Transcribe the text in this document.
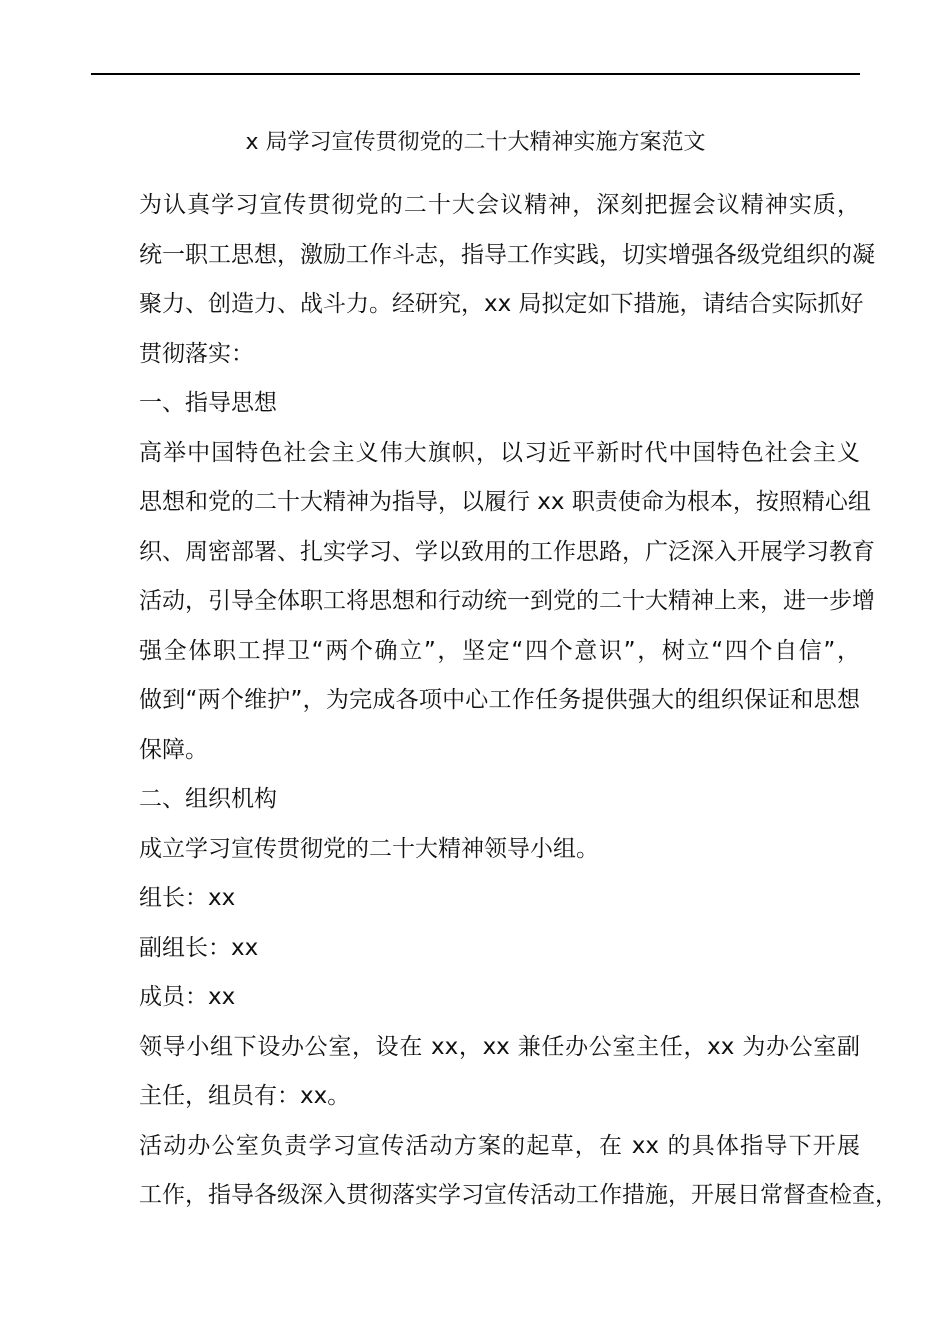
x 局学习宣传贯彻党的二十大精神实施方案范文

为认真学习宣传贯彻党的二十大会议精神，深刻把握会议精神实质，
统一职工思想，激励工作斗志，指导工作实践，切实增强各级党组织的凝
聚力、创造力、战斗力。经研究，xx 局拟定如下措施，请结合实际抓好
贯彻落实：

一、指导思想

高举中国特色社会主义伟大旗帜，以习近平新时代中国特色社会主义
思想和党的二十大精神为指导，以履行 xx 职责使命为根本，按照精心组
织、周密部署、扎实学习、学以致用的工作思路，广泛深入开展学习教育
活动，引导全体职工将思想和行动统一到党的二十大精神上来，进一步增
强全体职工捍卫“两个确立”，坚定“四个意识”，树立“四个自信”，
做到“两个维护”，为完成各项中心工作任务提供强大的组织保证和思想
保障。

二、组织机构

成立学习宣传贯彻党的二十大精神领导小组。

组长：xx

副组长：xx

成员：xx

领导小组下设办公室，设在 xx，xx 兼任办公室主任，xx 为办公室副
主任，组员有：xx。

活动办公室负责学习宣传活动方案的起草，在 xx 的具体指导下开展
工作，指导各级深入贯彻落实学习宣传活动工作措施，开展日常督查检查，
